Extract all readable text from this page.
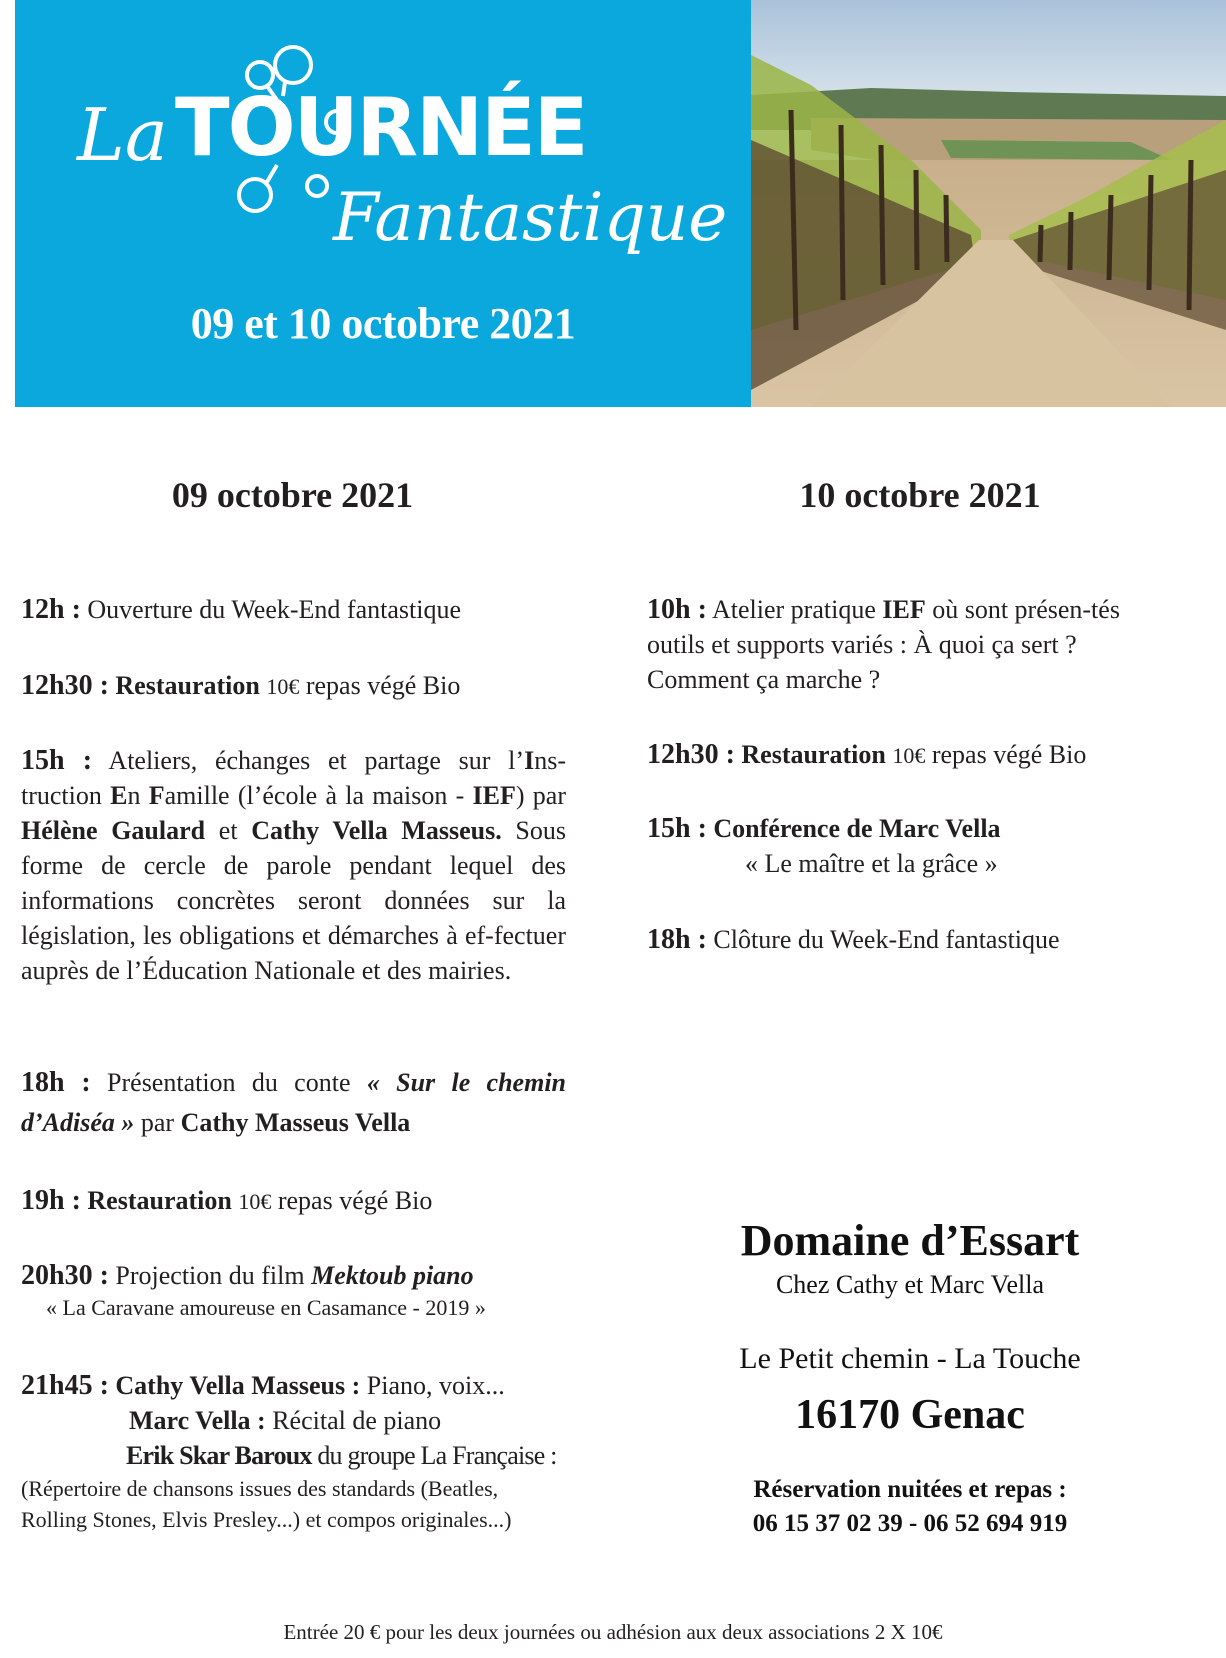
La TOURNÉE
Fantastique
09 et 10 octobre 2021
09 octobre 2021	10 octobre 2021
12h : Ouverture du Week-End fantastique
12h30 : Restauration 10€ repas végé Bio
15h : Ateliers, échanges et partage sur l’Ins-truction En Famille (l’école à la maison - IEF) par Hélène Gaulard et Cathy Vella Masseus. Sous forme de cercle de parole pendant lequel des informations concrètes seront données sur la législation, les obligations et démarches à ef-fectuer auprès de l’Éducation Nationale et des mairies.
18h : Présentation du conte « Sur le chemin d’Adiséa » par Cathy Masseus Vella
19h : Restauration 10€ repas végé Bio
20h30 : Projection du film Mektoub piano
« La Caravane amoureuse en Casamance - 2019 »
21h45 : Cathy Vella Masseus : Piano, voix...
Marc Vella : Récital de piano
Erik Skar Baroux du groupe La Française :
(Répertoire de chansons issues des standards (Beatles, Rolling Stones, Elvis Presley...) et compos originales...)
10h : Atelier pratique IEF où sont présen-tés outils et supports variés : À quoi ça sert ? Comment ça marche ?
12h30 : Restauration 10€ repas végé Bio
15h : Conférence de Marc Vella
« Le maître et la grâce »
18h : Clôture du Week-End fantastique
Domaine d’Essart
Chez Cathy et Marc Vella
Le Petit chemin - La Touche
16170 Genac
Réservation nuitées et repas :
06 15 37 02 39 - 06 52 694 919
Entrée 20 € pour les deux journées ou adhésion aux deux associations 2 X 10€
